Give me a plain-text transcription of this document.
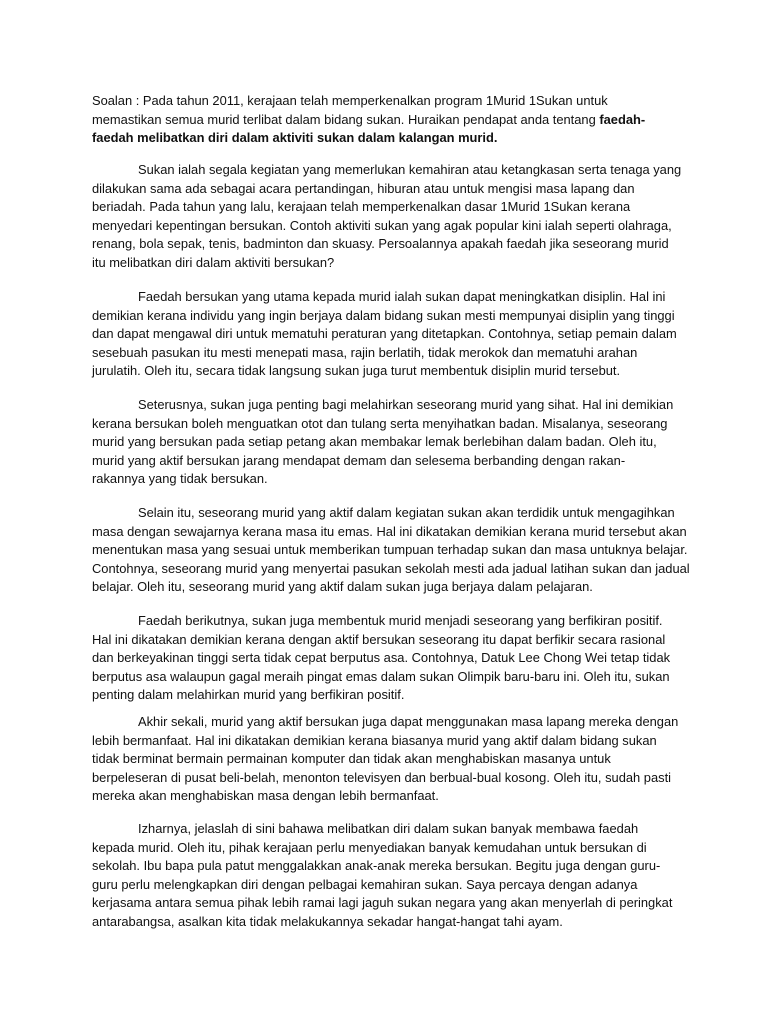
Soalan : Pada tahun 2011, kerajaan telah memperkenalkan program 1Murid 1Sukan untuk memastikan semua murid terlibat dalam bidang sukan. Huraikan pendapat anda tentang faedah-faedah melibatkan diri dalam aktiviti sukan dalam kalangan murid.

Sukan ialah segala kegiatan yang memerlukan kemahiran atau ketangkasan serta tenaga yang dilakukan sama ada sebagai acara pertandingan, hiburan atau untuk mengisi masa lapang dan beriadah. Pada tahun yang lalu, kerajaan telah memperkenalkan dasar 1Murid 1Sukan kerana menyedari kepentingan bersukan. Contoh aktiviti sukan yang agak popular kini ialah seperti olahraga, renang, bola sepak, tenis, badminton dan skuasy. Persoalannya apakah faedah jika seseorang murid itu melibatkan diri dalam aktiviti bersukan?

Faedah bersukan yang utama kepada murid ialah sukan dapat meningkatkan disiplin. Hal ini demikian kerana individu yang ingin berjaya dalam bidang sukan mesti mempunyai disiplin yang tinggi dan dapat mengawal diri untuk mematuhi peraturan yang ditetapkan. Contohnya, setiap pemain dalam sesebuah pasukan itu mesti menepati masa, rajin berlatih, tidak merokok dan mematuhi arahan jurulatih. Oleh itu, secara tidak langsung sukan juga turut membentuk disiplin murid tersebut.

Seterusnya, sukan juga penting bagi melahirkan seseorang murid yang sihat. Hal ini demikian kerana bersukan boleh menguatkan otot dan tulang serta menyihatkan badan. Misalanya, seseorang murid yang bersukan pada setiap petang akan membakar lemak berlebihan dalam badan. Oleh itu, murid yang aktif bersukan jarang mendapat demam dan selesema berbanding dengan rakan-rakannya yang tidak bersukan.

Selain itu, seseorang murid yang aktif dalam kegiatan sukan akan terdidik untuk mengagihkan masa dengan sewajarnya kerana masa itu emas. Hal ini dikatakan demikian kerana murid tersebut akan menentukan masa yang sesuai untuk memberikan tumpuan terhadap sukan dan masa untuknya belajar. Contohnya, seseorang murid yang menyertai pasukan sekolah mesti ada jadual latihan sukan dan jadual belajar. Oleh itu, seseorang murid yang aktif dalam sukan juga berjaya dalam pelajaran.

Faedah berikutnya, sukan juga membentuk murid menjadi seseorang yang berfikiran positif. Hal ini dikatakan demikian kerana dengan aktif bersukan seseorang itu dapat berfikir secara rasional dan berkeyakinan tinggi serta tidak cepat berputus asa. Contohnya, Datuk Lee Chong Wei tetap tidak berputus asa walaupun gagal meraih pingat emas dalam sukan Olimpik baru-baru ini. Oleh itu, sukan penting dalam melahirkan murid yang berfikiran positif.

Akhir sekali, murid yang aktif bersukan juga dapat menggunakan masa lapang mereka dengan lebih bermanfaat. Hal ini dikatakan demikian kerana biasanya murid yang aktif dalam bidang sukan tidak berminat bermain permainan komputer dan tidak akan menghabiskan masanya untuk berpeleseran di pusat beli-belah, menonton televisyen dan berbual-bual kosong. Oleh itu, sudah pasti mereka akan menghabiskan masa dengan lebih bermanfaat.

Izharnya, jelaslah di sini bahawa melibatkan diri dalam sukan banyak membawa faedah kepada murid. Oleh itu, pihak kerajaan perlu menyediakan banyak kemudahan untuk bersukan di sekolah. Ibu bapa pula patut menggalakkan anak-anak mereka bersukan. Begitu juga dengan guru-guru perlu melengkapkan diri dengan pelbagai kemahiran sukan. Saya percaya dengan adanya kerjasama antara semua pihak lebih ramai lagi jaguh sukan negara yang akan menyerlah di peringkat antarabangsa, asalkan kita tidak melakukannya sekadar hangat-hangat tahi ayam.
